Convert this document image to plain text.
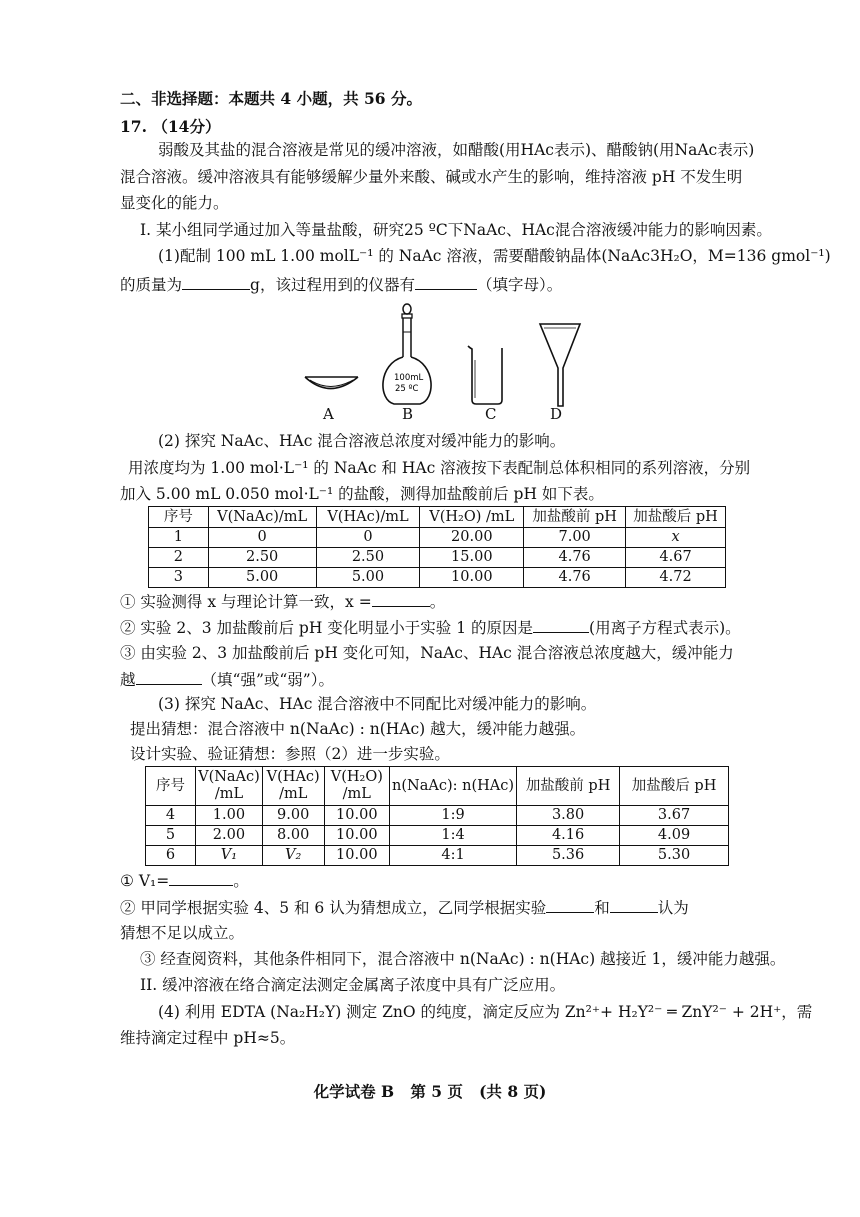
二、非选择题：本题共 4 小题，共 56 分。
17. （14分）
弱酸及其盐的混合溶液是常见的缓冲溶液，如醋酸(用HAc表示)、醋酸钠(用NaAc表示)
混合溶液。缓冲溶液具有能够缓解少量外来酸、碱或水产生的影响，维持溶液 pH 不发生明
显变化的能力。
I. 某小组同学通过加入等量盐酸，研究25 ºC下NaAc、HAc混合溶液缓冲能力的影响因素。
(1)配制 100 mL 1.00 molL⁻¹ 的 NaAc 溶液，需要醋酸钠晶体(NaAc3H₂O，M=136 gmol⁻¹)
的质量为	g，该过程用到的仪器有	（填字母）。
100mL
25 ºC
A	B	C	D
(2) 探究 NaAc、HAc 混合溶液总浓度对缓冲能力的影响。
用浓度均为 1.00 mol·L⁻¹ 的 NaAc 和 HAc 溶液按下表配制总体积相同的系列溶液，分别
加入 5.00 mL 0.050 mol·L⁻¹ 的盐酸，测得加盐酸前后 pH 如下表。
序号	V(NaAc)/mL	V(HAc)/mL	V(H₂O) /mL	加盐酸前 pH	加盐酸后 pH
1	0	0	20.00	7.00	x
2	2.50	2.50	15.00	4.76	4.67
3	5.00	5.00	10.00	4.76	4.72
① 实验测得 x 与理论计算一致，x =	。
② 实验 2、3 加盐酸前后 pH 变化明显小于实验 1 的原因是	(用离子方程式表示)。
③ 由实验 2、3 加盐酸前后 pH 变化可知，NaAc、HAc 混合溶液总浓度越大，缓冲能力
越	（填“强”或“弱”）。
(3) 探究 NaAc、HAc 混合溶液中不同配比对缓冲能力的影响。
提出猜想：混合溶液中 n(NaAc) : n(HAc) 越大，缓冲能力越强。
设计实验、验证猜想：参照（2）进一步实验。
序号	V(NaAc) /mL	V(HAc) /mL	V(H₂O) /mL	n(NaAc): n(HAc)	加盐酸前 pH	加盐酸后 pH
4	1.00	9.00	10.00	1:9	3.80	3.67
5	2.00	8.00	10.00	1:4	4.16	4.09
6	V₁	V₂	10.00	4:1	5.36	5.30
① V₁=	。
② 甲同学根据实验 4、5 和 6 认为猜想成立，乙同学根据实验	和	认为
猜想不足以成立。
③ 经查阅资料，其他条件相同下，混合溶液中 n(NaAc) : n(HAc) 越接近 1，缓冲能力越强。
II. 缓冲溶液在络合滴定法测定金属离子浓度中具有广泛应用。
(4) 利用 EDTA (Na₂H₂Y) 测定 ZnO 的纯度，滴定反应为 Zn²⁺+ H₂Y²⁻ ═ ZnY²⁻ + 2H⁺，需
维持滴定过程中 pH≈5。
化学试卷 B   第 5 页   (共 8 页)
